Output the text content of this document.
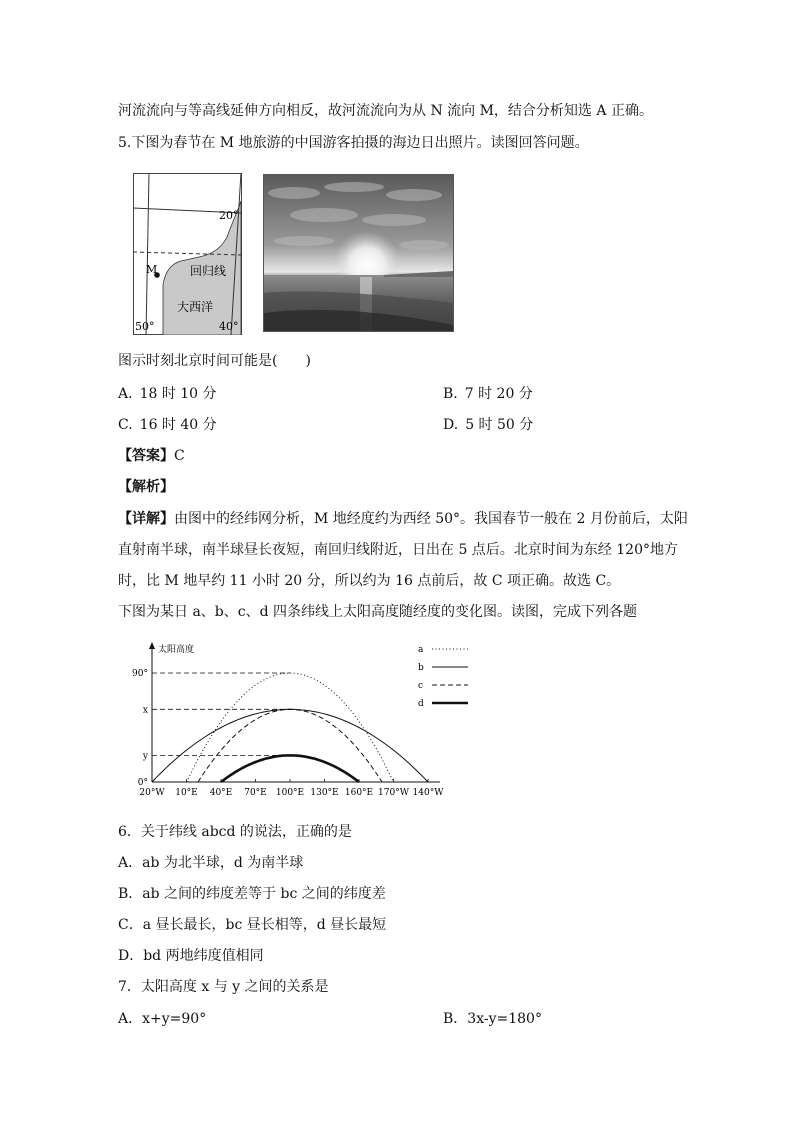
河流流向与等高线延伸方向相反，故河流流向为从 N 流向 M，结合分析知选 A 正确。
5.下图为春节在 M 地旅游的中国游客拍摄的海边日出照片。读图回答问题。
M
20°
回归线
大西洋
50°	40°
图示时刻北京时间可能是(　　)
A.  18 时 10 分	B.  7 时 20 分
C.  16 时 40 分	D.  5 时 50 分
【答案】C
【解析】
【详解】由图中的经纬网分析，M 地经度约为西经 50°。我国春节一般在 2 月份前后，太阳
直射南半球，南半球昼长夜短，南回归线附近，日出在 5 点后。北京时间为东经 120°地方
时，比 M 地早约 11 小时 20 分，所以约为 16 点前后，故 C 项正确。故选 C。
下图为某日 a、b、c、d 四条纬线上太阳高度随经度的变化图。读图，完成下列各题
太阳高度
90°
x
y
0°
20°W 10°E 40°E 70°E 100°E 130°E 160°E 170°W 140°W
a
b
c
d
6．关于纬线 abcd 的说法，正确的是
A．ab 为北半球，d 为南半球
B．ab 之间的纬度差等于 bc 之间的纬度差
C．a 昼长最长，bc 昼长相等，d 昼长最短
D．bd 两地纬度值相同
7．太阳高度 x 与 y 之间的关系是
A．x+y=90°	B．3x-y=180°
